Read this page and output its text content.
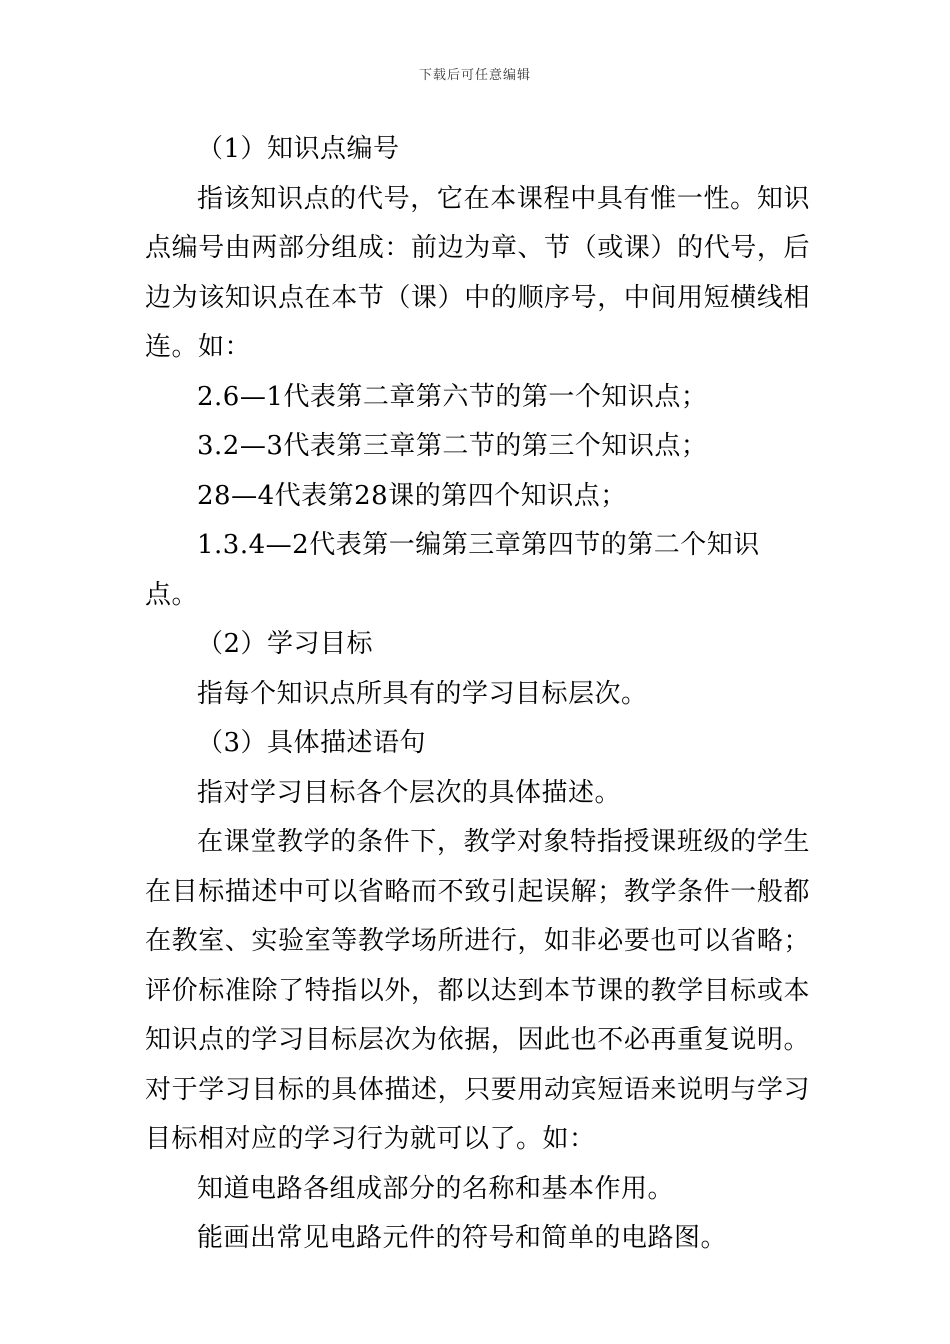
下载后可任意编辑

（1）知识点编号

指该知识点的代号，它在本课程中具有惟一性。知识点编号由两部分组成：前边为章、节（或课）的代号，后边为该知识点在本节（课）中的顺序号，中间用短横线相连。如：

2.6—1代表第二章第六节的第一个知识点；

3.2—3代表第三章第二节的第三个知识点；

28—4代表第28课的第四个知识点；

1.3.4—2代表第一编第三章第四节的第二个知识点。

（2）学习目标

指每个知识点所具有的学习目标层次。

（3）具体描述语句

指对学习目标各个层次的具体描述。

在课堂教学的条件下，教学对象特指授课班级的学生在目标描述中可以省略而不致引起误解；教学条件一般都在教室、实验室等教学场所进行，如非必要也可以省略；评价标准除了特指以外，都以达到本节课的教学目标或本知识点的学习目标层次为依据，因此也不必再重复说明。对于学习目标的具体描述，只要用动宾短语来说明与学习目标相对应的学习行为就可以了。如：

知道电路各组成部分的名称和基本作用。

能画出常见电路元件的符号和简单的电路图。
